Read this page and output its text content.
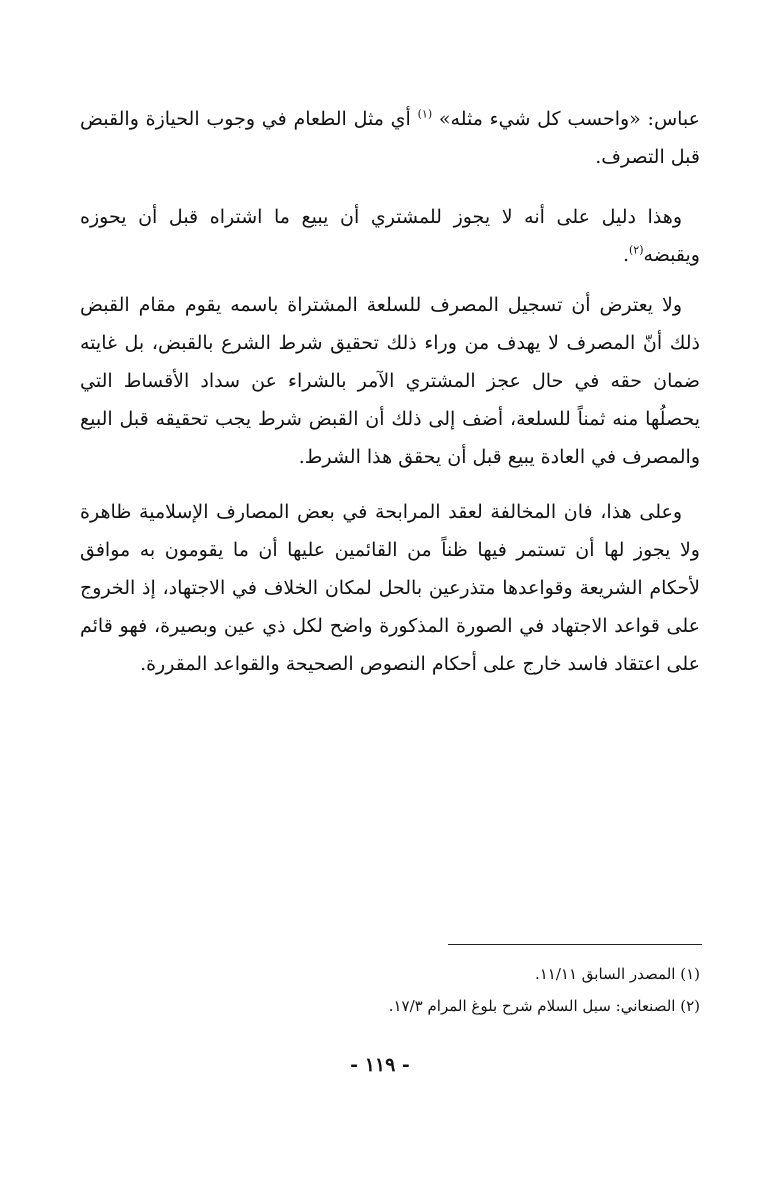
عباس: «واحسب كل شيء مثله» $^{(١)}$ أي مثل الطعام في وجوب الحيازة والقبض قبل التصرف.

وهذا دليل على أنه لا يجوز للمشتري أن يبيع ما اشتراه قبل أن يحوزه ويقبضه$^{(٢)}$.

ولا يعترض أن تسجيل المصرف للسلعة المشتراة باسمه يقوم مقام القبض ذلك أنّ المصرف لا يهدف من وراء ذلك تحقيق شرط الشرع بالقبض، بل غايته ضمان حقه في حال عجز المشتري الآمر بالشراء عن سداد الأقساط التي يحصلُها منه ثمناً للسلعة، أضف إلى ذلك أن القبض شرط يجب تحقيقه قبل البيع والمصرف في العادة يبيع قبل أن يحقق هذا الشرط.

وعلى هذا، فان المخالفة لعقد المرابحة في بعض المصارف الإسلامية ظاهرة ولا يجوز لها أن تستمر فيها ظناً من القائمين عليها أن ما يقومون به موافق لأحكام الشريعة وقواعدها متذرعين بالحل لمكان الخلاف في الاجتهاد، إذ الخروج على قواعد الاجتهاد في الصورة المذكورة واضح لكل ذي عين وبصيرة، فهو قائم على اعتقاد فاسد خارج على أحكام النصوص الصحيحة والقواعد المقررة.

(١) المصدر السابق ١١/١١.

(٢) الصنعاني: سبل السلام شرح بلوغ المرام ١٧/٣.

- ١١٩ -
